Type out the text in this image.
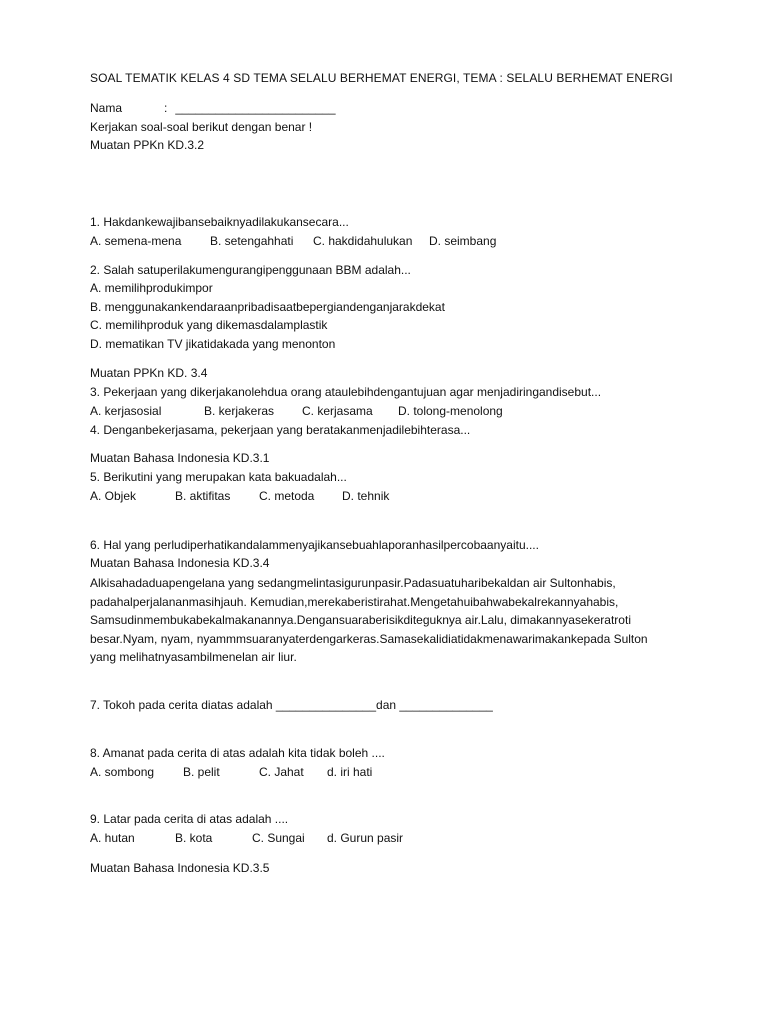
SOAL TEMATIK KELAS 4 SD TEMA SELALU BERHEMAT ENERGI, TEMA : SELALU BERHEMAT ENERGI
Nama	: ________________________
Kerjakan soal-soal berikut dengan benar !
Muatan PPKn KD.3.2
1. Hakdankewajibansebaiknyadilakukansecara...
A. semena-mena B. setengahhati C. hakdidahulukan D. seimbang
2. Salah satuperilakumengurangipenggunaan BBM adalah...
A. memilihprodukimpor
B. menggunakankendaraanpribadisaatbepergiandenganjarakdekat
C. memilihproduk yang dikemasdalamplastik
D. mematikan TV jikatidakada yang menonton
Muatan PPKn KD. 3.4
3. Pekerjaan yang dikerjakanolehdua orang ataulebihdengantujuan agar menjadiringandisebut...
A. kerjasosial	B. kerjakeras C. kerjasama D. tolong-menolong
4. Denganbekerjasama, pekerjaan yang beratakanmenjadilebihterasa...
Muatan Bahasa Indonesia KD.3.1
5. Berikutini yang merupakan kata bakuadalah...
A. Objek	B. aktifitas C. metoda D. tehnik
6. Hal yang perludiperhatikandalammenyajikansebuahlaporanhasilpercobaanyaitu....
Muatan Bahasa Indonesia KD.3.4
Alkisahadaduapengelana yang sedangmelintasigurunpasir.Padasuatuharibekaldan air Sultonhabis,
padahalperjalananmasihjauh. Kemudian,merekaberistirahat.Mengetahuibahwabekalrekannyahabis,
Samsudinmembukabekalmakanannya.Dengansuaraberisikditeguknya air.Lalu, dimakannyasekeratroti
besar.Nyam, nyam, nyammmsuaranyaterdengarkeras.Samasekalidiatidakmenawarimakankepada Sulton
yang melihatnyasambilmenelan air liur.
7. Tokoh pada cerita diatas adalah _______________dan ______________
8. Amanat pada cerita di atas adalah kita tidak boleh ....
A. sombong B. pelit	C. Jahat d. iri hati
9. Latar pada cerita di atas adalah ....
A. hutan	B. kota	C. Sungai d. Gurun pasir
Muatan Bahasa Indonesia KD.3.5
